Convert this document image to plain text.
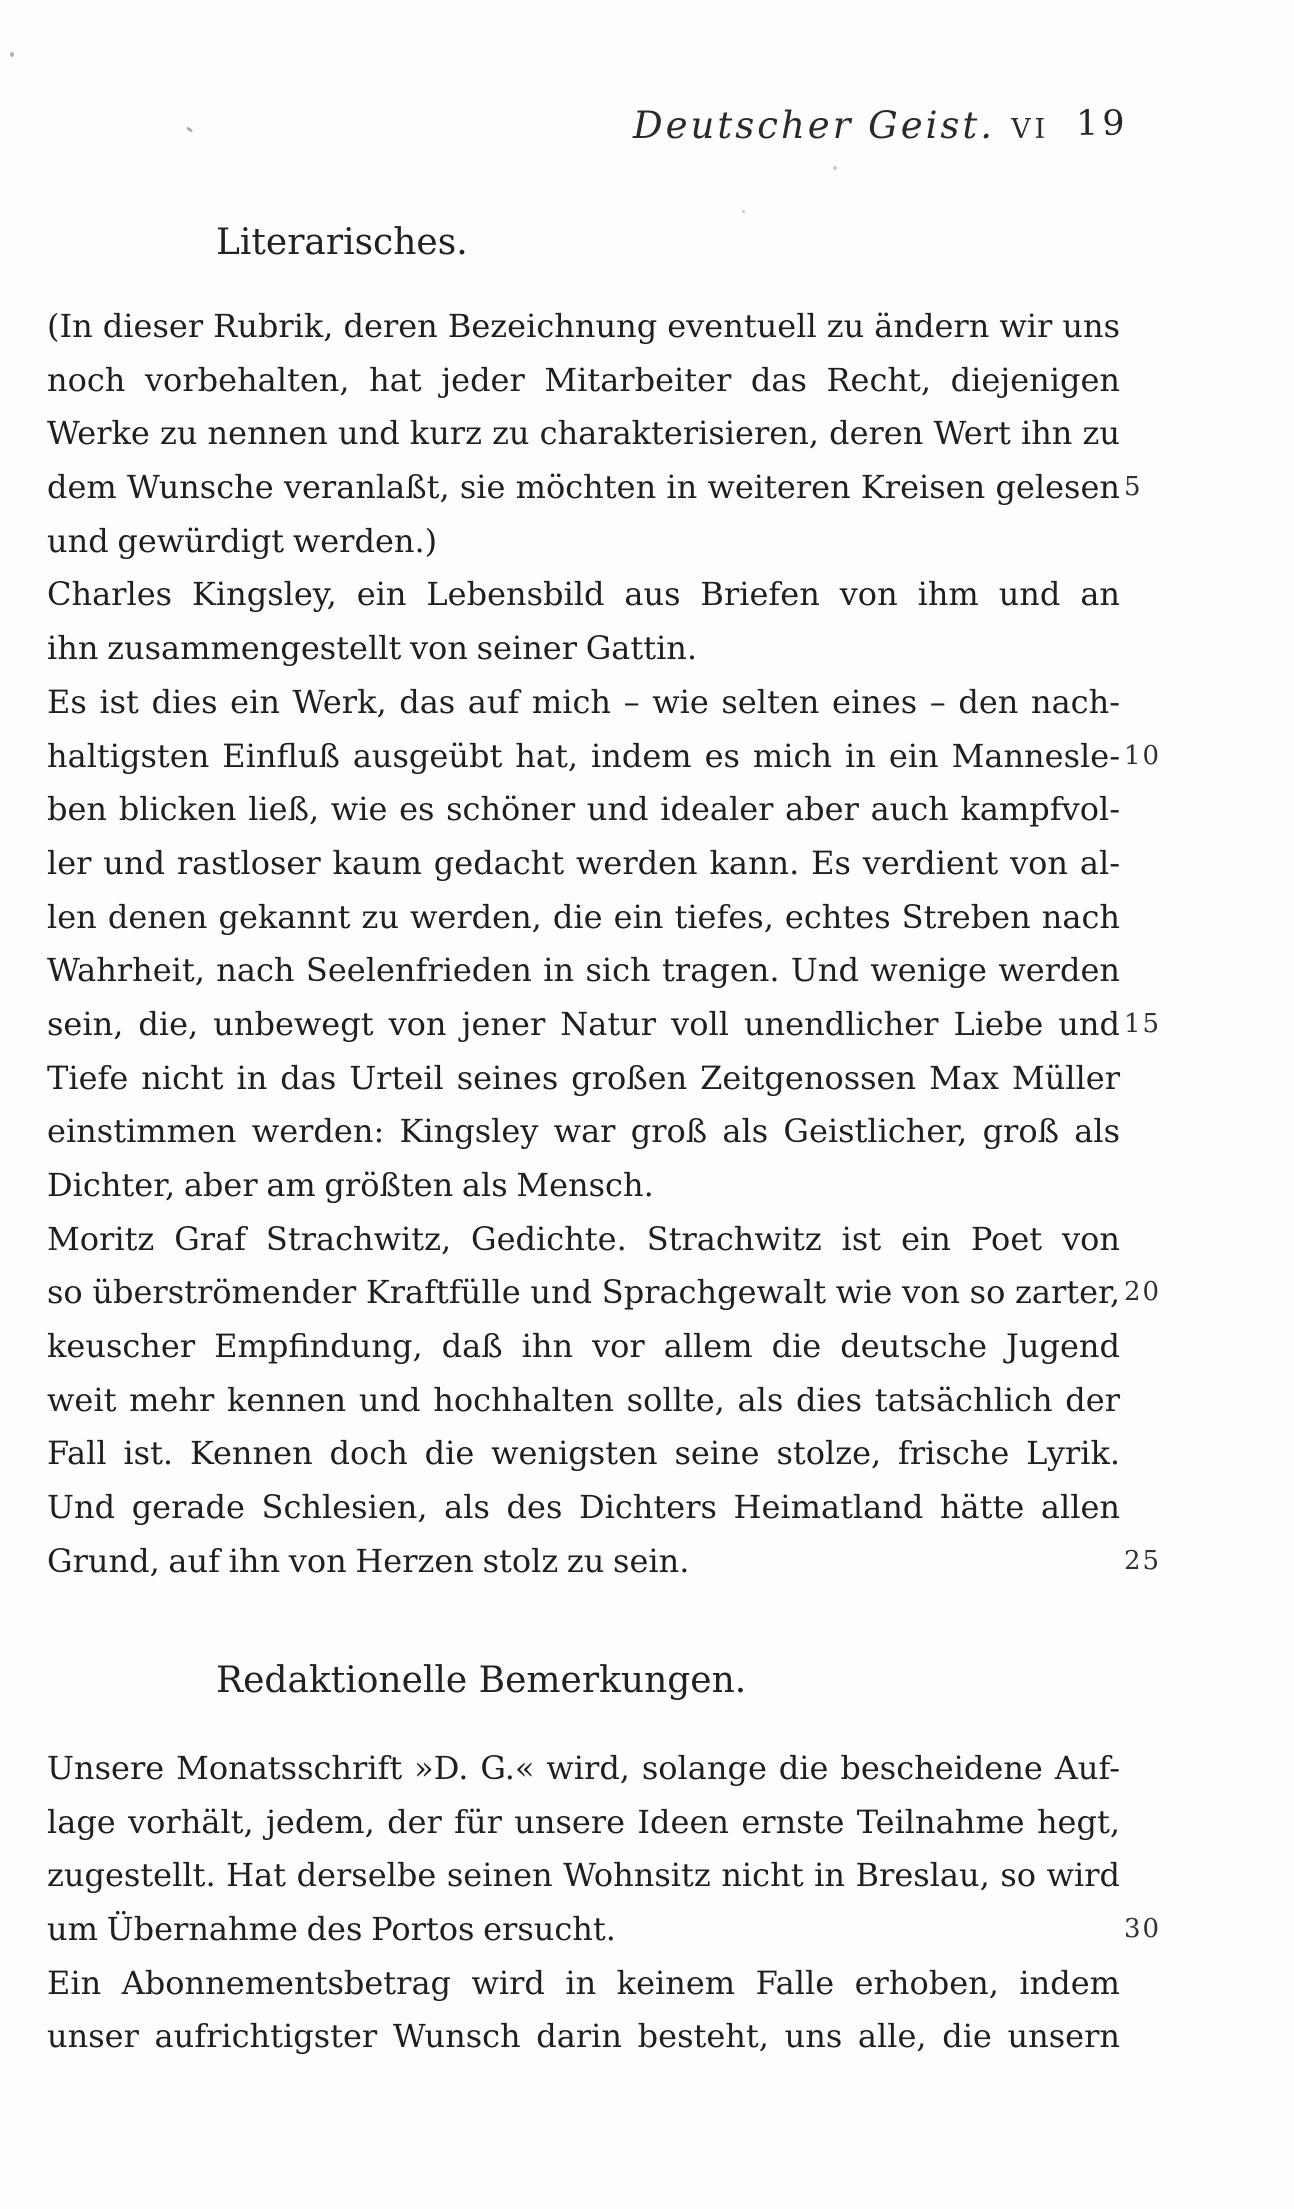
Deutscher Geist. VI 19
Literarisches.
(In dieser Rubrik, deren Bezeichnung eventuell zu ändern wir uns
noch vorbehalten, hat jeder Mitarbeiter das Recht, diejenigen
Werke zu nennen und kurz zu charakterisieren, deren Wert ihn zu
dem Wunsche veranlaßt, sie möchten in weiteren Kreisen gelesen 5
und gewürdigt werden.)
Charles Kingsley, ein Lebensbild aus Briefen von ihm und an
ihn zusammengestellt von seiner Gattin.
Es ist dies ein Werk, das auf mich – wie selten eines – den nach-
haltigsten Einfluß ausgeübt hat, indem es mich in ein Mannesle- 10
ben blicken ließ, wie es schöner und idealer aber auch kampfvol-
ler und rastloser kaum gedacht werden kann. Es verdient von al-
len denen gekannt zu werden, die ein tiefes, echtes Streben nach
Wahrheit, nach Seelenfrieden in sich tragen. Und wenige werden
sein, die, unbewegt von jener Natur voll unendlicher Liebe und 15
Tiefe nicht in das Urteil seines großen Zeitgenossen Max Müller
einstimmen werden: Kingsley war groß als Geistlicher, groß als
Dichter, aber am größten als Mensch.
Moritz Graf Strachwitz, Gedichte. Strachwitz ist ein Poet von
so überströmender Kraftfülle und Sprachgewalt wie von so zarter, 20
keuscher Empfindung, daß ihn vor allem die deutsche Jugend
weit mehr kennen und hochhalten sollte, als dies tatsächlich der
Fall ist. Kennen doch die wenigsten seine stolze, frische Lyrik.
Und gerade Schlesien, als des Dichters Heimatland hätte allen
Grund, auf ihn von Herzen stolz zu sein.	25
Redaktionelle Bemerkungen.
Unsere Monatsschrift »D. G.« wird, solange die bescheidene Auf-
lage vorhält, jedem, der für unsere Ideen ernste Teilnahme hegt,
zugestellt. Hat derselbe seinen Wohnsitz nicht in Breslau, so wird
um Übernahme des Portos ersucht.	30
Ein Abonnementsbetrag wird in keinem Falle erhoben, indem
unser aufrichtigster Wunsch darin besteht, uns alle, die unsern
